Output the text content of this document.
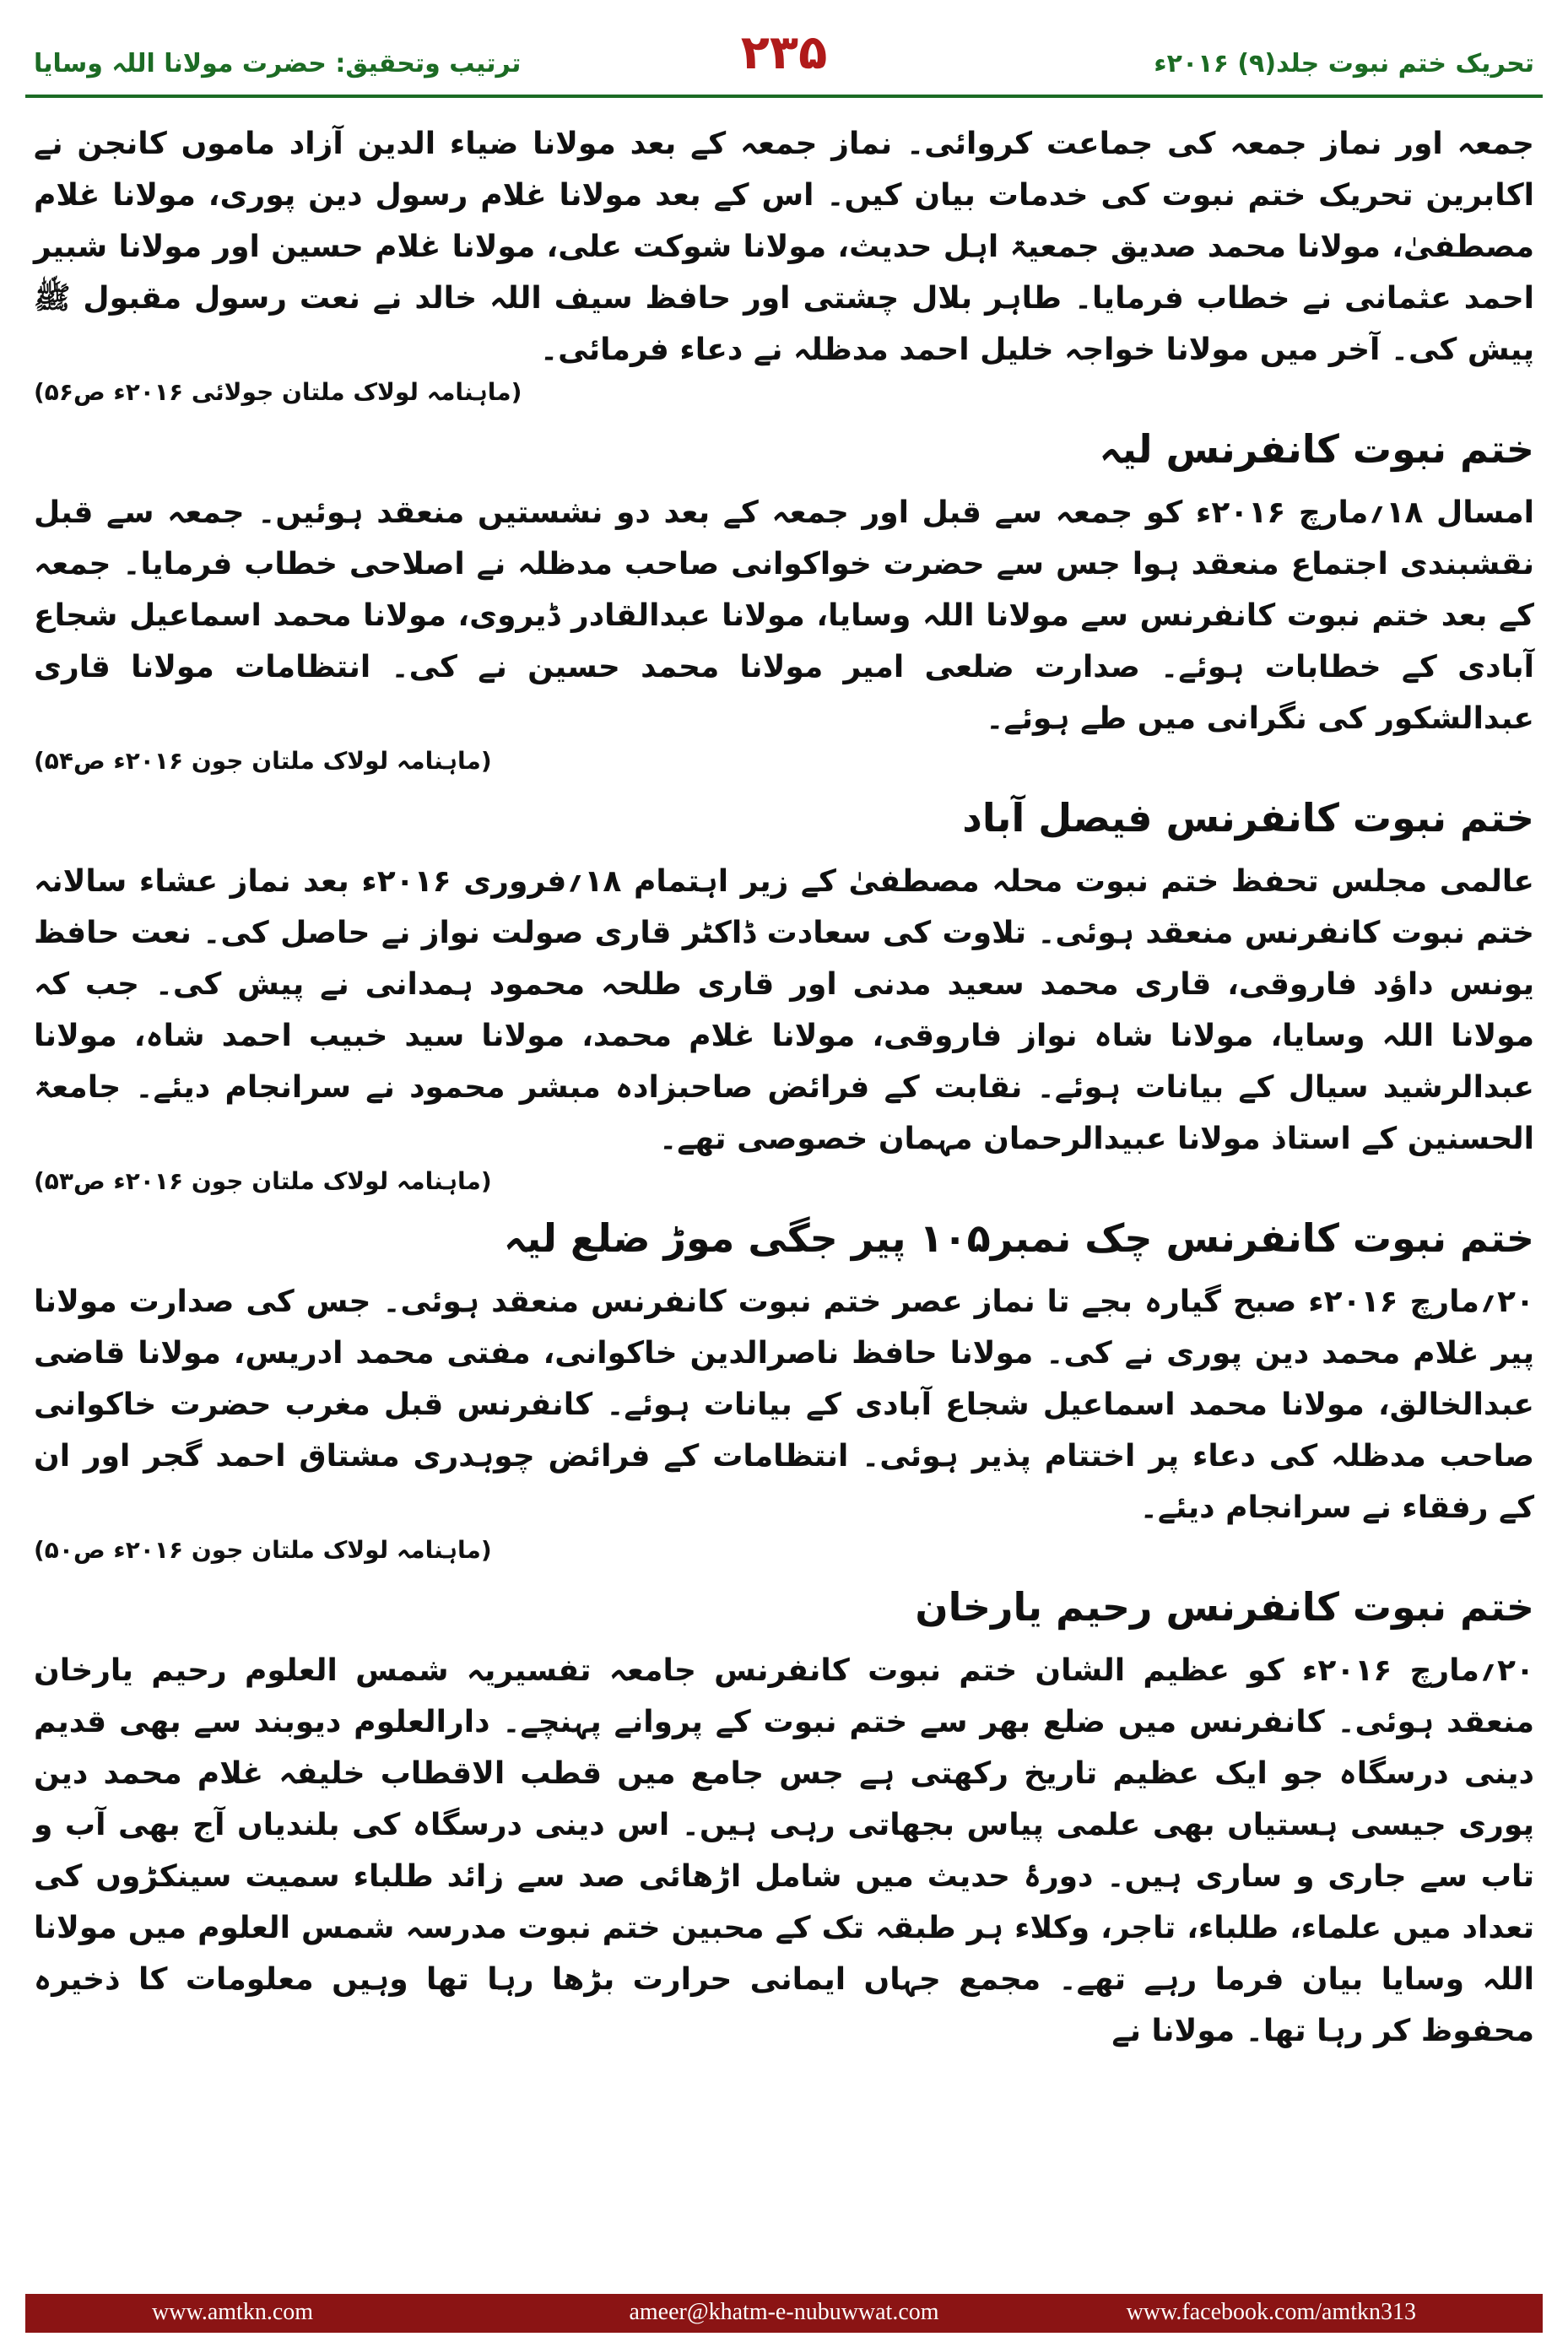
ترتیب وتحقیق: حضرت مولانا اللہ وسایا	۲۳۵	تحریک ختم نبوت جلد(۹) ۲۰۱۶ء

جمعہ اور نماز جمعہ کی جماعت کروائی۔ نماز جمعہ کے بعد مولانا ضیاء الدین آزاد ماموں کانجن نے اکابرین تحریک ختم نبوت کی خدمات بیان کیں۔ اس کے بعد مولانا غلام رسول دین پوری، مولانا غلام مصطفیٰ، مولانا محمد صدیق جمعیۃ اہل حدیث، مولانا شوکت علی، مولانا غلام حسین اور مولانا شبیر احمد عثمانی نے خطاب فرمایا۔ طاہر بلال چشتی اور حافظ سیف اللہ خالد نے نعت رسول مقبول ﷺ پیش کی۔ آخر میں مولانا خواجہ خلیل احمد مدظلہ نے دعاء فرمائی۔

(ماہنامہ لولاک ملتان جولائی ۲۰۱۶ء ص۵۶)

ختم نبوت کانفرنس لیہ

امسال ۱۸؍مارچ ۲۰۱۶ء کو جمعہ سے قبل اور جمعہ کے بعد دو نشستیں منعقد ہوئیں۔ جمعہ سے قبل نقشبندی اجتماع منعقد ہوا جس سے حضرت خواکوانی صاحب مدظلہ نے اصلاحی خطاب فرمایا۔ جمعہ کے بعد ختم نبوت کانفرنس سے مولانا اللہ وسایا، مولانا عبدالقادر ڈیروی، مولانا محمد اسماعیل شجاع آبادی کے خطابات ہوئے۔ صدارت ضلعی امیر مولانا محمد حسین نے کی۔ انتظامات مولانا قاری عبدالشکور کی نگرانی میں طے ہوئے۔

(ماہنامہ لولاک ملتان جون ۲۰۱۶ء ص۵۴)

ختم نبوت کانفرنس فیصل آباد

عالمی مجلس تحفظ ختم نبوت محلہ مصطفیٰ کے زیر اہتمام ۱۸؍فروری ۲۰۱۶ء بعد نماز عشاء سالانہ ختم نبوت کانفرنس منعقد ہوئی۔ تلاوت کی سعادت ڈاکٹر قاری صولت نواز نے حاصل کی۔ نعت حافظ یونس داؤد فاروقی، قاری محمد سعید مدنی اور قاری طلحہ محمود ہمدانی نے پیش کی۔ جب کہ مولانا اللہ وسایا، مولانا شاہ نواز فاروقی، مولانا غلام محمد، مولانا سید خبیب احمد شاہ، مولانا عبدالرشید سیال کے بیانات ہوئے۔ نقابت کے فرائض صاحبزادہ مبشر محمود نے سرانجام دیئے۔ جامعۃ الحسنین کے استاذ مولانا عبیدالرحمان مہمان خصوصی تھے۔

(ماہنامہ لولاک ملتان جون ۲۰۱۶ء ص۵۳)

ختم نبوت کانفرنس چک نمبر۱۰۵ پیر جگی موڑ ضلع لیہ

۲۰؍مارچ ۲۰۱۶ء صبح گیارہ بجے تا نماز عصر ختم نبوت کانفرنس منعقد ہوئی۔ جس کی صدارت مولانا پیر غلام محمد دین پوری نے کی۔ مولانا حافظ ناصرالدین خاکوانی، مفتی محمد ادریس، مولانا قاضی عبدالخالق، مولانا محمد اسماعیل شجاع آبادی کے بیانات ہوئے۔ کانفرنس قبل مغرب حضرت خاکوانی صاحب مدظلہ کی دعاء پر اختتام پذیر ہوئی۔ انتظامات کے فرائض چوہدری مشتاق احمد گجر اور ان کے رفقاء نے سرانجام دیئے۔

(ماہنامہ لولاک ملتان جون ۲۰۱۶ء ص۵۰)

ختم نبوت کانفرنس رحیم یارخان

۲۰؍مارچ ۲۰۱۶ء کو عظیم الشان ختم نبوت کانفرنس جامعہ تفسیریہ شمس العلوم رحیم یارخان منعقد ہوئی۔ کانفرنس میں ضلع بھر سے ختم نبوت کے پروانے پہنچے۔ دارالعلوم دیوبند سے بھی قدیم دینی درسگاہ جو ایک عظیم تاریخ رکھتی ہے جس جامع میں قطب الاقطاب خلیفہ غلام محمد دین پوری جیسی ہستیاں بھی علمی پیاس بجھاتی رہی ہیں۔ اس دینی درسگاہ کی بلندیاں آج بھی آب و تاب سے جاری و ساری ہیں۔ دورۂ حدیث میں شامل اڑھائی صد سے زائد طلباء سمیت سینکڑوں کی تعداد میں علماء، طلباء، تاجر، وکلاء ہر طبقہ تک کے محبین ختم نبوت مدرسہ شمس العلوم میں مولانا اللہ وسایا بیان فرما رہے تھے۔ مجمع جہاں ایمانی حرارت بڑھا رہا تھا وہیں معلومات کا ذخیرہ محفوظ کر رہا تھا۔ مولانا نے

www.amtkn.com	ameer@khatm-e-nubuwwat.com	www.facebook.com/amtkn313
